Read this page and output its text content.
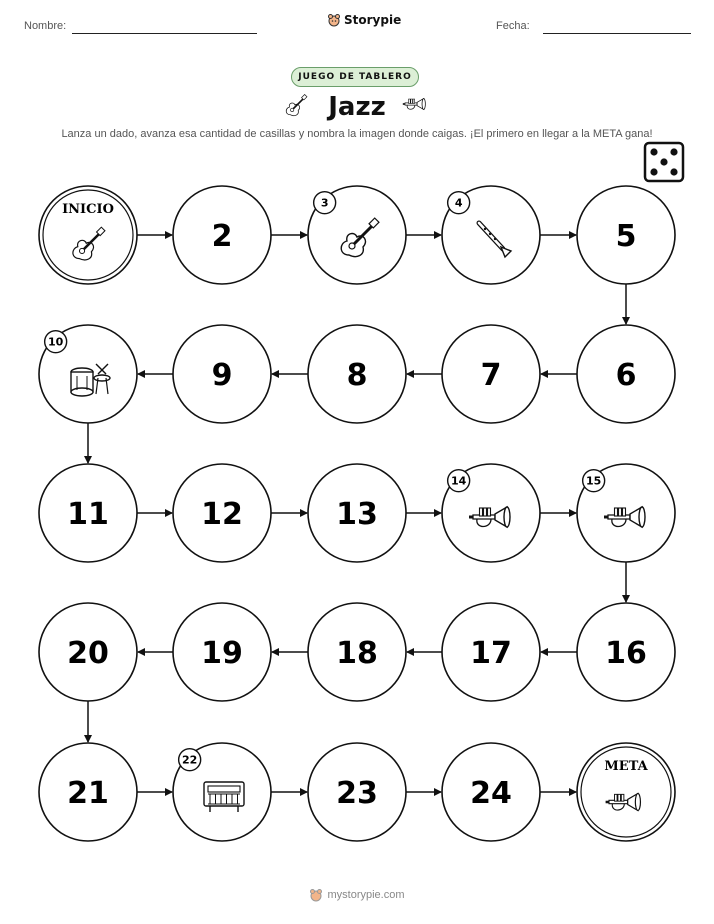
Nombre:	Storypie	Fecha:
JUEGO DE TABLERO
Jazz
Lanza un dado, avanza esa cantidad de casillas y nombra la imagen donde caigas. ¡El primero en llegar a la META gana!
INICIO
2
3	4
5
6
7
8
9
10
11	12	13
14	15
16
17
18
19
20
21
22
23	24
META
mystorypie.com
